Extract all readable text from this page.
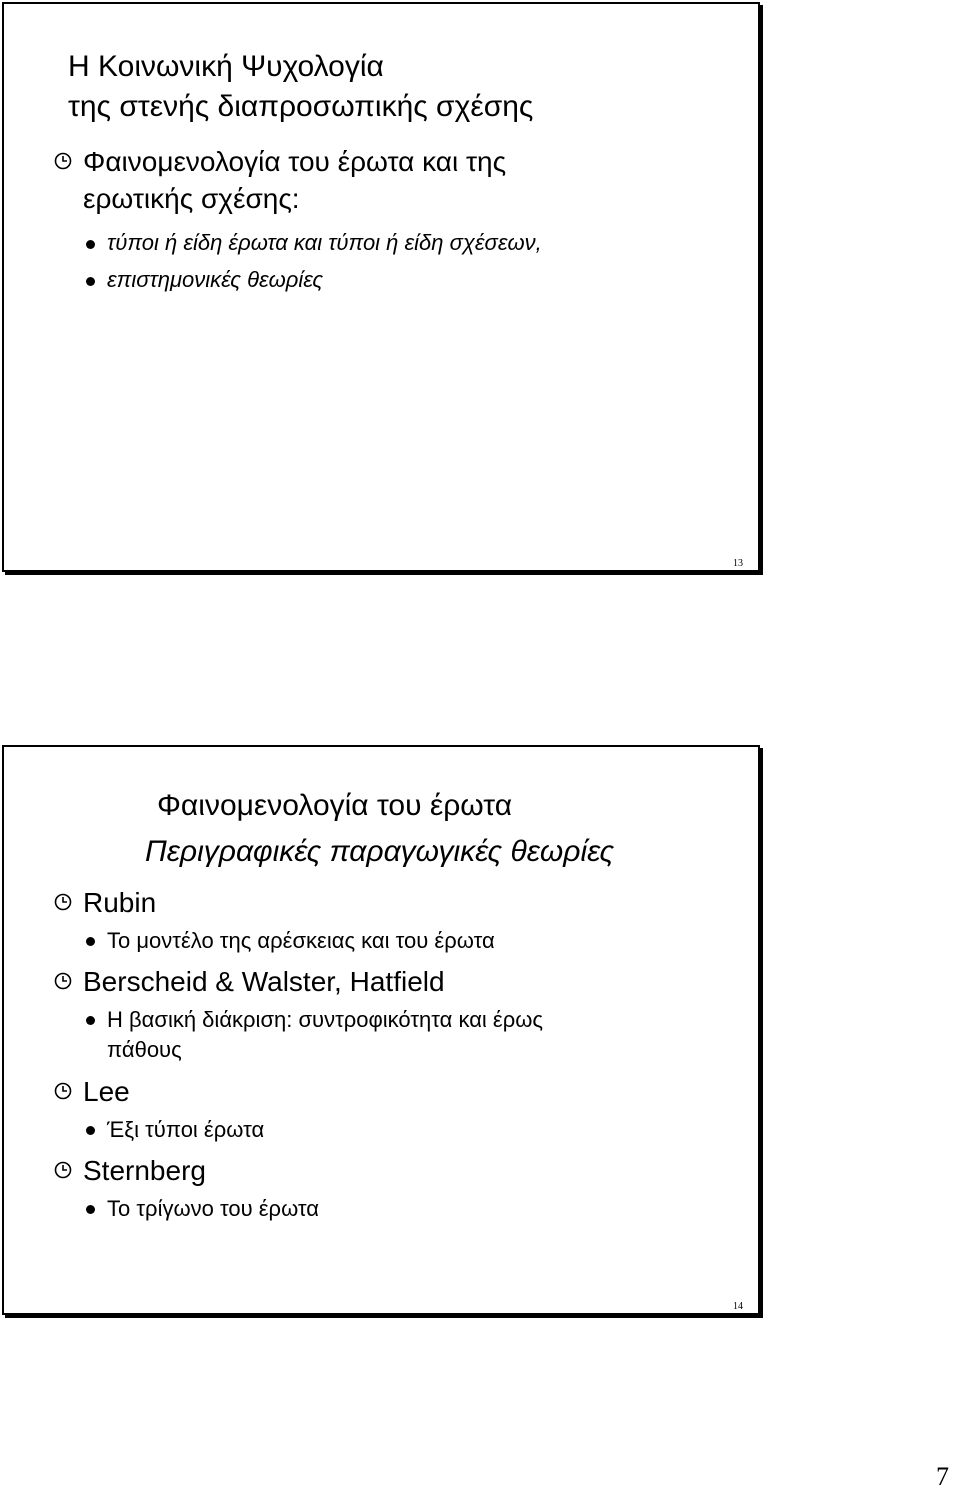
Η Κοινωνική Ψυχολογία
της στενής διαπροσωπικής σχέσης
Φαινομενολογία του έρωτα και της
ερωτικής σχέσης:
τύποι ή είδη έρωτα και τύποι ή είδη σχέσεων,
επιστημονικές θεωρίες
13
Φαινομενολογία του έρωτα
Περιγραφικές παραγωγικές θεωρίες
Rubin
Το μοντέλο της αρέσκειας και του έρωτα
Berscheid & Walster, Hatfield
Η βασική διάκριση: συντροφικότητα και έρως
πάθους
Lee
Έξι τύποι έρωτα
Sternberg
Το τρίγωνο του έρωτα
14
7
